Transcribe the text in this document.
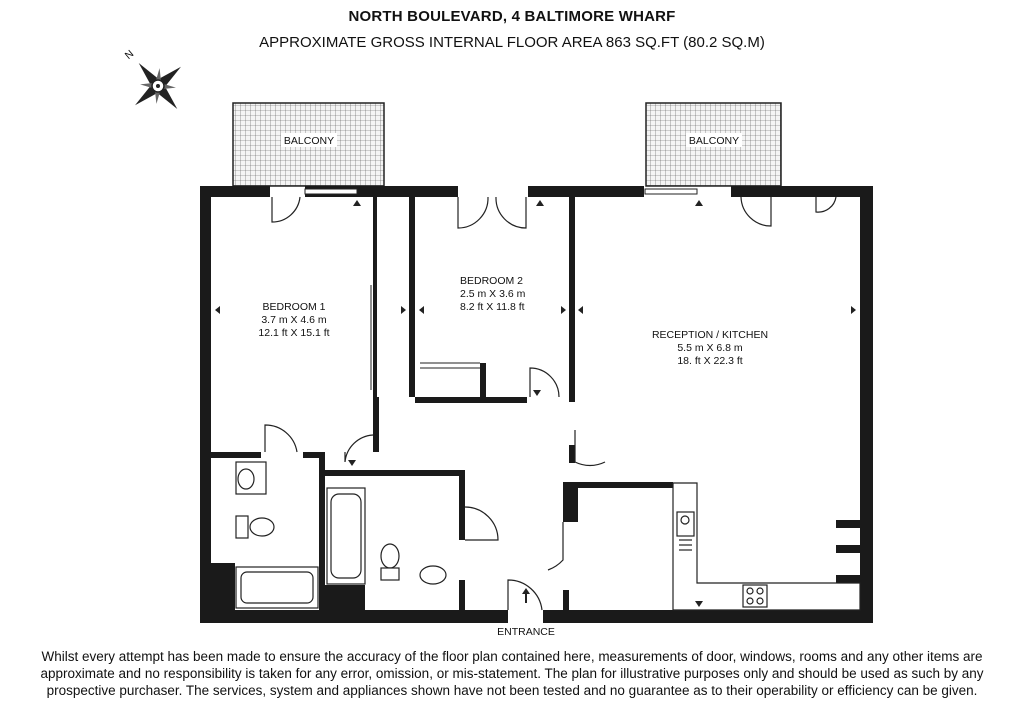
NORTH BOULEVARD, 4 BALTIMORE WHARF
APPROXIMATE GROSS INTERNAL FLOOR AREA 863 SQ.FT (80.2 SQ.M)
N
BALCONY	BALCONY
BEDROOM 1
3.7 m X 4.6 m
12.1 ft X 15.1 ft
BEDROOM 2
2.5 m X 3.6 m
8.2 ft X 11.8 ft
RECEPTION / KITCHEN
5.5 m X 6.8 m
18. ft X 22.3 ft
ENTRANCE
Whilst every attempt has been made to ensure the accuracy of the floor plan contained here, measurements of door, windows, rooms and any other items are approximate and no responsibility is taken for any error, omission, or mis-statement. The plan for illustrative purposes only and should be used as such by any prospective purchaser. The services, system and appliances shown have not been tested and no guarantee as to their operability or efficiency can be given.
